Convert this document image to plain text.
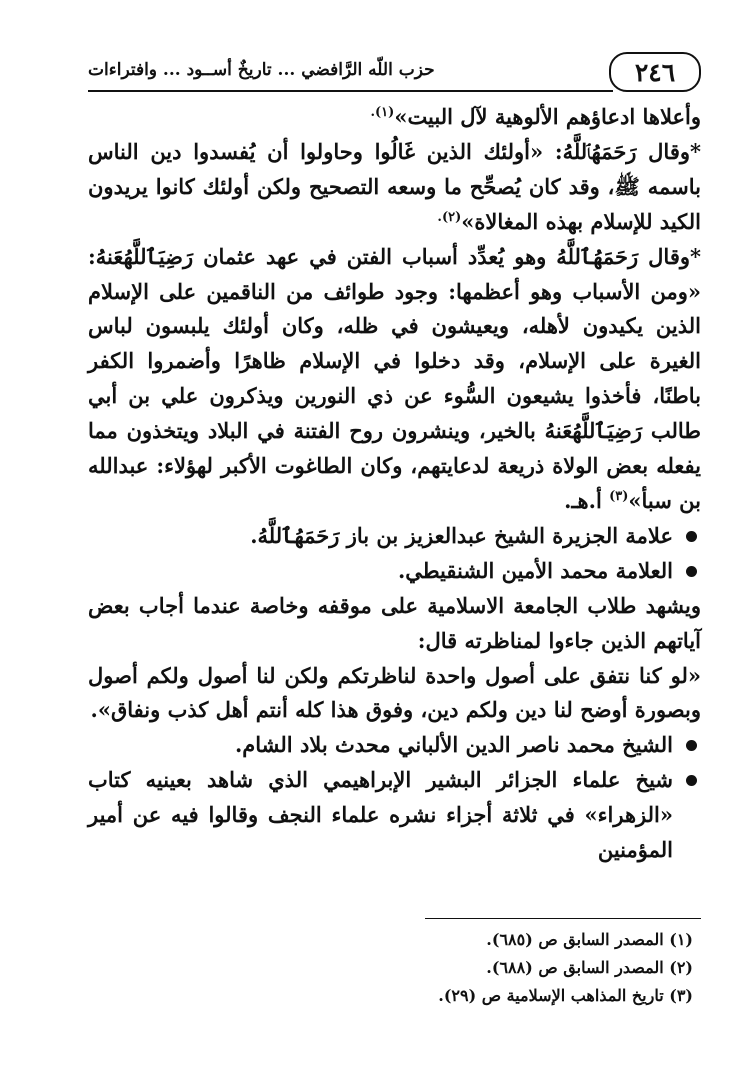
٢٤٦
حزب اللّه الرَّافضي ... تاريخٌ أســود ... وافتراءات

وأعلاها ادعاؤهم الألوهية لآل البيت»$^{(١).}$

*وقال رَحَمَهُٱللَّهُ: «أولئك الذين غَالُوا وحاولوا أن يُفسدوا دين الناس باسمه ﷺ، وقد كان يُصحِّح ما وسعه التصحيح ولكن أولئك كانوا يريدون الكيد للإسلام بهذه المغالاة»$^{(٢).}$

*وقال رَحَمَهُٱللَّهُ وهو يُعدِّد أسباب الفتن في عهد عثمان رَضِيَٱللَّهُعَنهُ: «ومن الأسباب وهو أعظمها: وجود طوائف من الناقمين على الإسلام الذين يكيدون لأهله، ويعيشون في ظله، وكان أولئك يلبسون لباس الغيرة على الإسلام، وقد دخلوا في الإسلام ظاهرًا وأضمروا الكفر باطنًا، فأخذوا يشيعون السُّوء عن ذي النورين ويذكرون علي بن أبي طالب رَضِيَٱللَّهُعَنهُ بالخير، وينشرون روح الفتنة في البلاد ويتخذون مما يفعله بعض الولاة ذريعة لدعايتهم، وكان الطاغوت الأكبر لهؤلاء: عبدالله بن سبأ»$^{(٣)}$ أ.هـ.

علامة الجزيرة الشيخ عبدالعزيز بن باز رَحَمَهُٱللَّهُ.

العلامة محمد الأمين الشنقيطي.

ويشهد طلاب الجامعة الاسلامية على موقفه وخاصة عندما أجاب بعض آياتهم الذين جاءوا لمناظرته قال:

«لو كنا نتفق على أصول واحدة لناظرتكم ولكن لنا أصول ولكم أصول وبصورة أوضح لنا دين ولكم دين، وفوق هذا كله أنتم أهل كذب ونفاق».

الشيخ محمد ناصر الدين الألباني محدث بلاد الشام.

شيخ علماء الجزائر البشير الإبراهيمي الذي شاهد بعينيه كتاب «الزهراء» في ثلاثة أجزاء نشره علماء النجف وقالوا فيه عن أمير المؤمنين

(١) المصدر السابق ص (٦٨٥).
(٢) المصدر السابق ص (٦٨٨).
(٣) تاريخ المذاهب الإسلامية ص (٢٩).
